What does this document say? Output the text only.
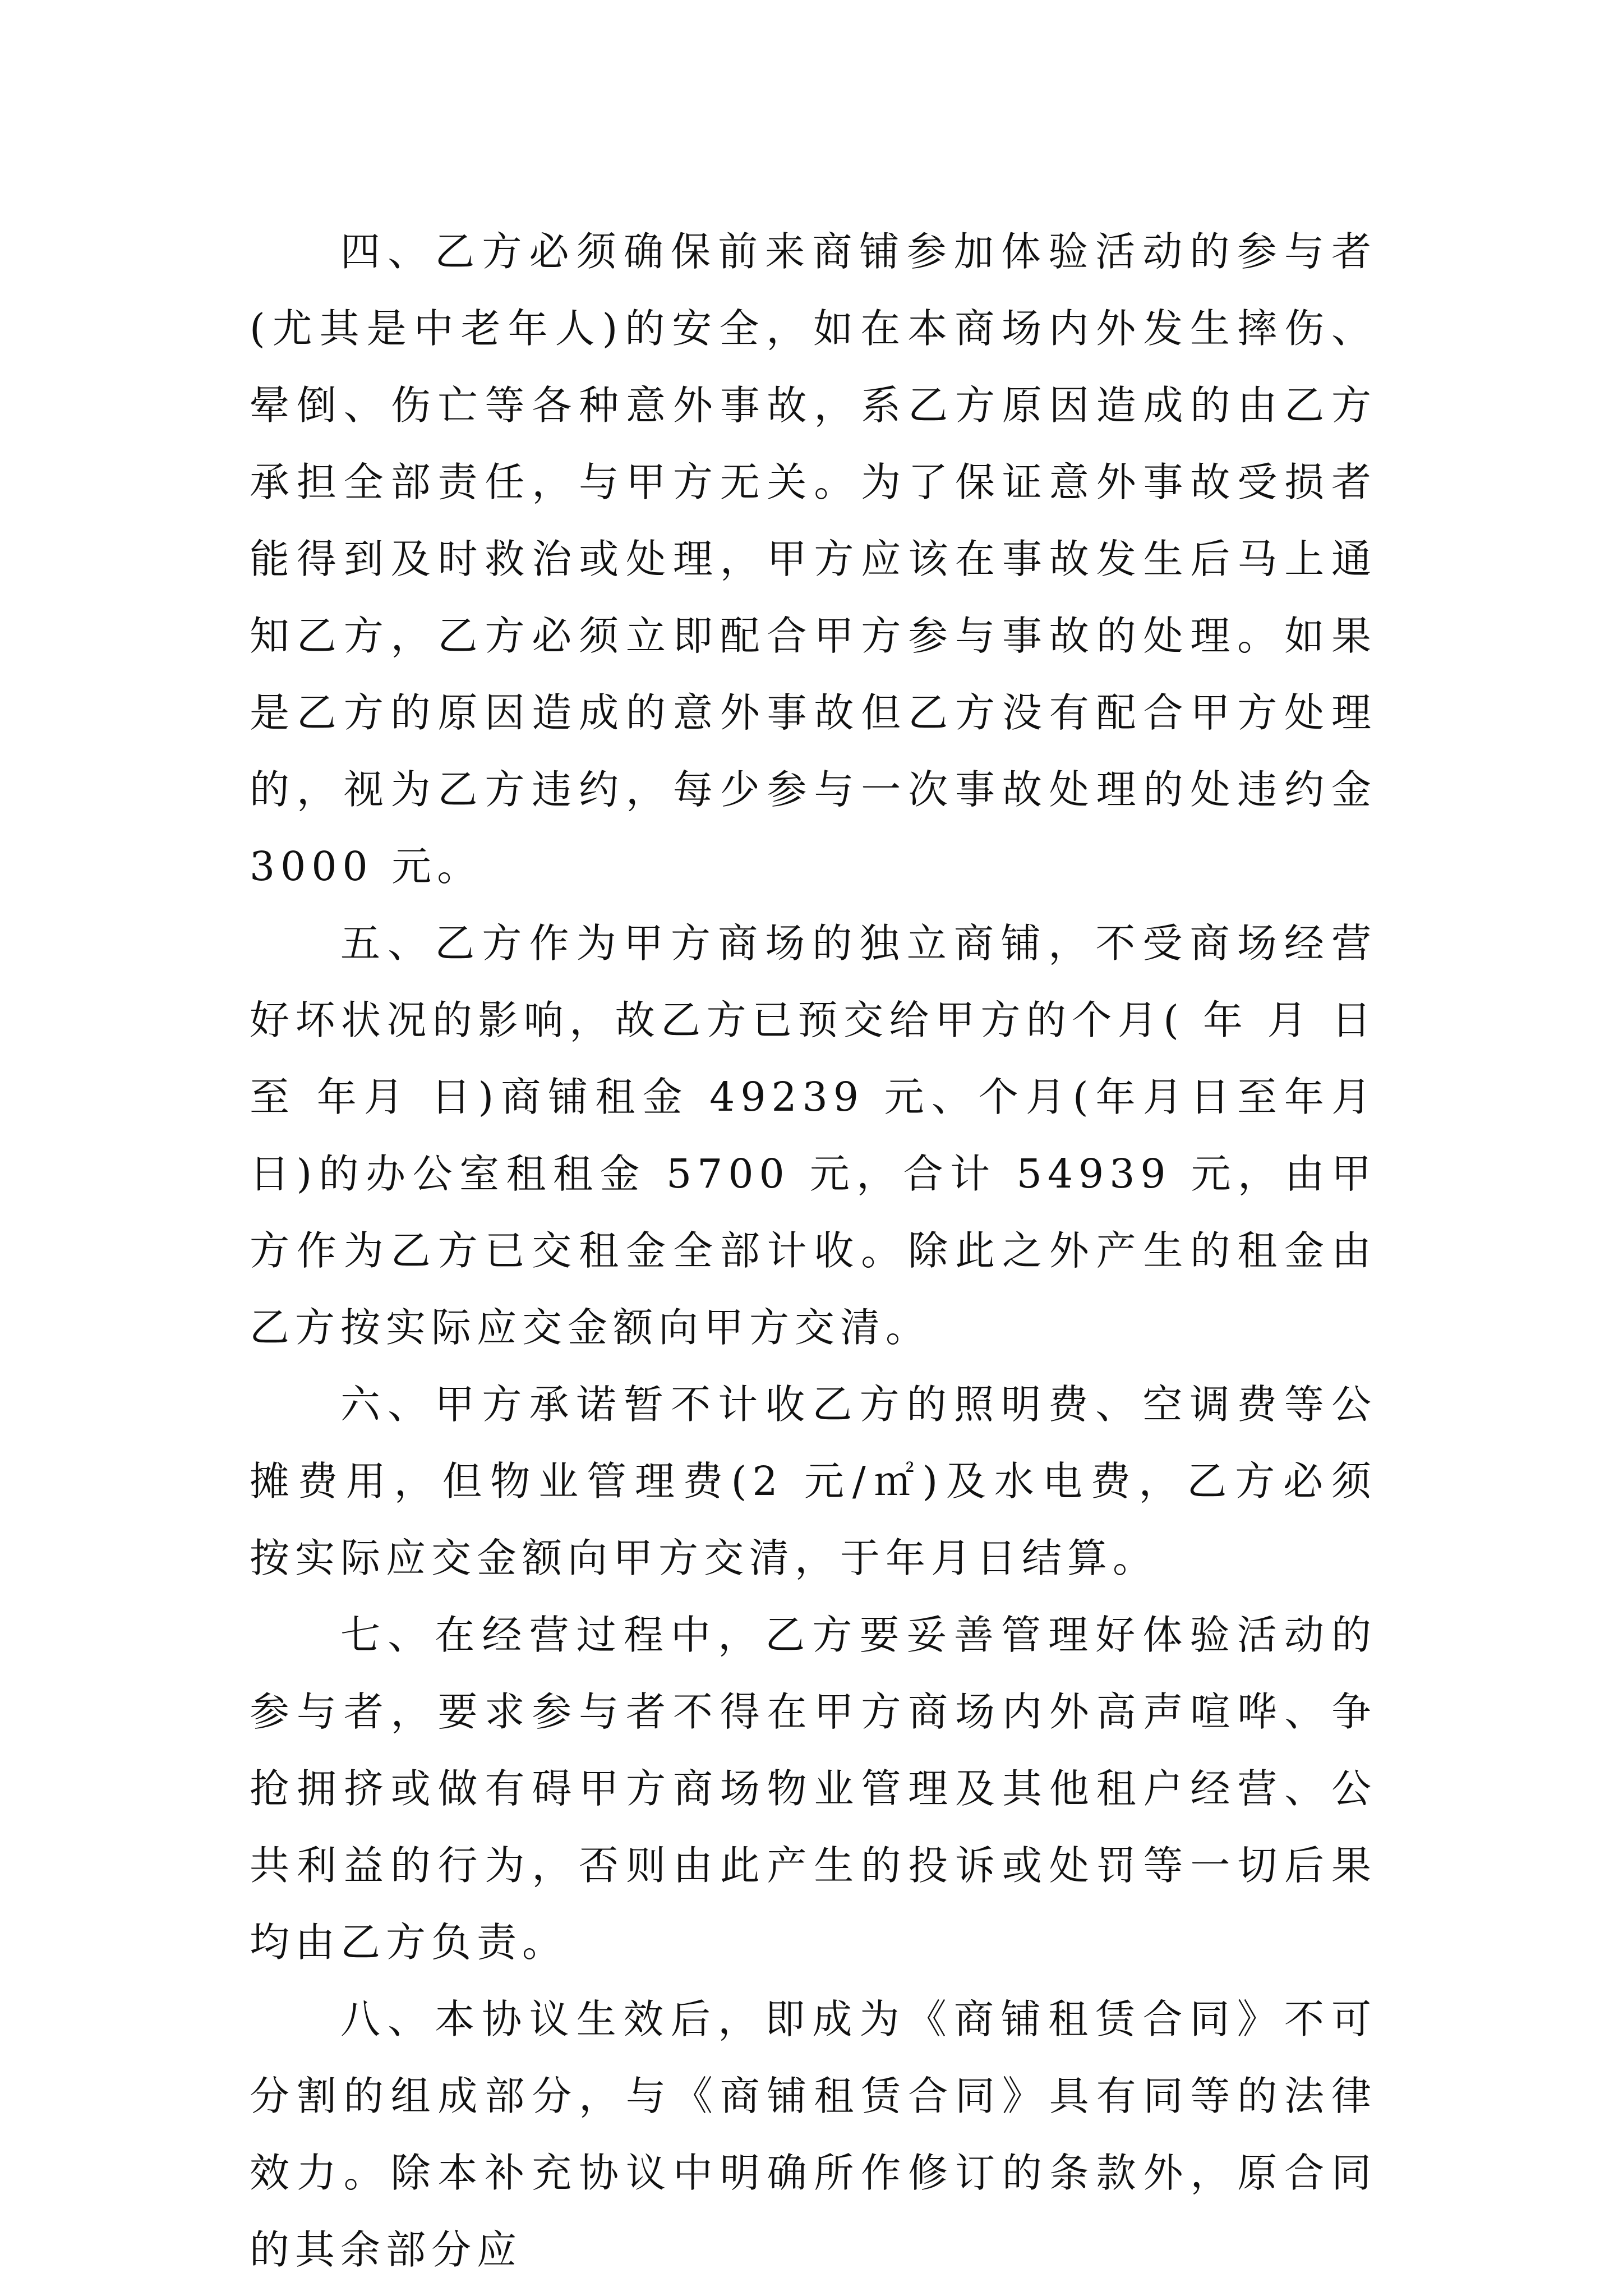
四、乙方必须确保前来商铺参加体验活动的参与者(尤其是中老年人)的安全，如在本商场内外发生摔伤、晕倒、伤亡等各种意外事故，系乙方原因造成的由乙方承担全部责任，与甲方无关。为了保证意外事故受损者能得到及时救治或处理，甲方应该在事故发生后马上通知乙方，乙方必须立即配合甲方参与事故的处理。如果是乙方的原因造成的意外事故但乙方没有配合甲方处理的，视为乙方违约，每少参与一次事故处理的处违约金 3000 元。

五、乙方作为甲方商场的独立商铺，不受商场经营好坏状况的影响，故乙方已预交给甲方的个月( 年 月 日至 年月 日)商铺租金 49239 元、个月(年月日至年月日)的办公室租租金 5700 元，合计 54939 元，由甲方作为乙方已交租金全部计收。除此之外产生的租金由乙方按实际应交金额向甲方交清。

六、甲方承诺暂不计收乙方的照明费、空调费等公摊费用，但物业管理费(2 元/㎡)及水电费，乙方必须 按实际应交金额向甲方交清，于年月日结算。

七、在经营过程中，乙方要妥善管理好体验活动的参与者，要求参与者不得在甲方商场内外高声喧哗、争抢拥挤或做有碍甲方商场物业管理及其他租户经营、公共利益的行为，否则由此产生的投诉或处罚等一切后果均由乙方负责。

八、本协议生效后，即成为《商铺租赁合同》不可分割的组成部分，与《商铺租赁合同》具有同等的法律效力。除本补充协议中明确所作修订的条款外，原合同的其余部分应
